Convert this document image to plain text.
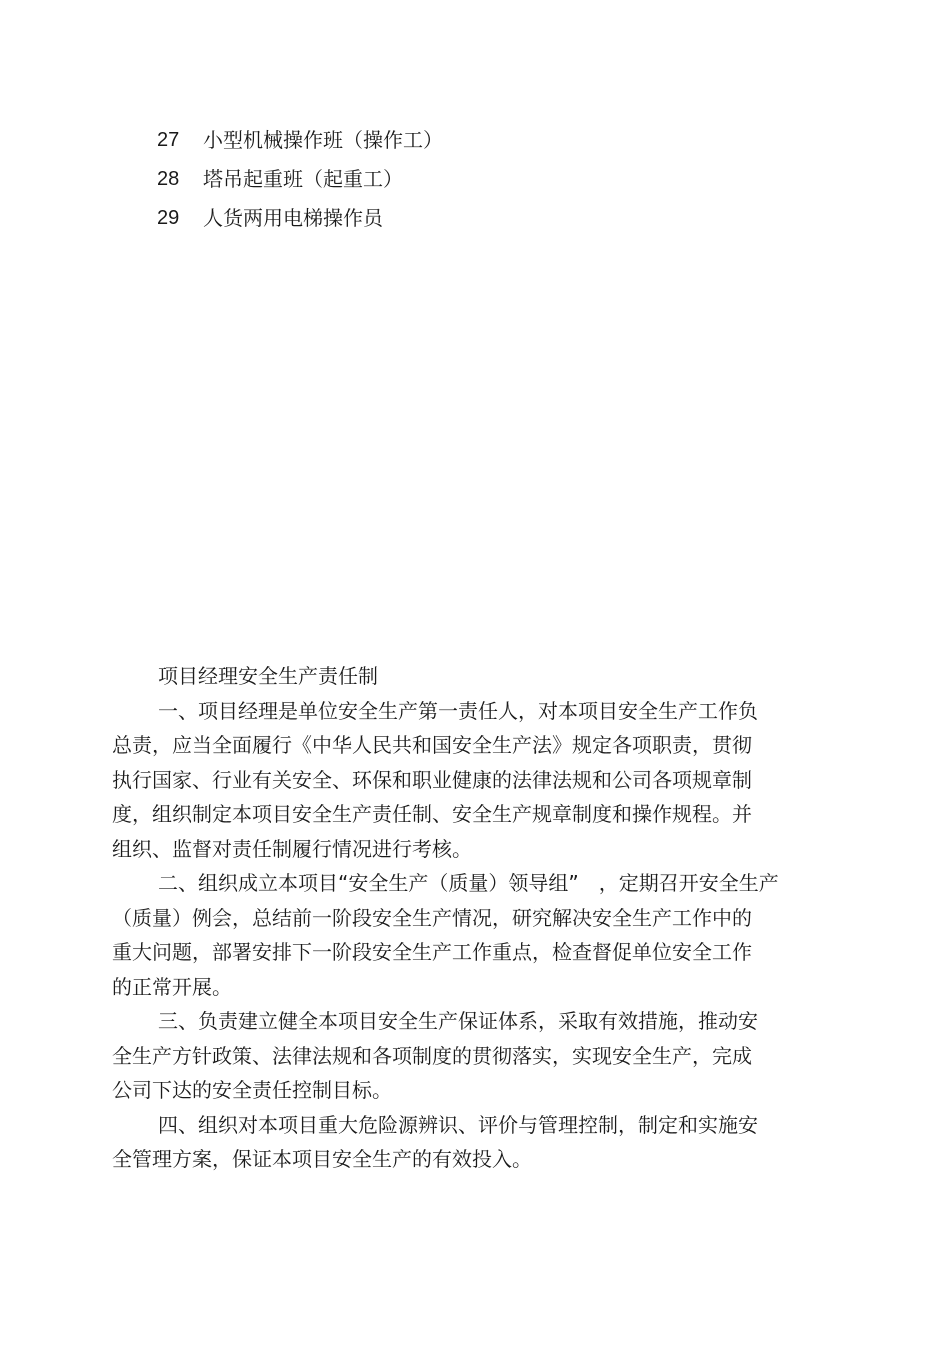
27	小型机械操作班（操作工）
28	塔吊起重班（起重工）
29	人货两用电梯操作员
项目经理安全生产责任制
一、项目经理是单位安全生产第一责任人，对本项目安全生产工作负
总责，应当全面履行《中华人民共和国安全生产法》规定各项职责，贯彻
执行国家、行业有关安全、环保和职业健康的法律法规和公司各项规章制
度，组织制定本项目安全生产责任制、安全生产规章制度和操作规程。并
组织、监督对责任制履行情况进行考核。
二、组织成立本项目“安全生产（质量）领导组”　，定期召开安全生产
（质量）例会，总结前一阶段安全生产情况，研究解决安全生产工作中的
重大问题，部署安排下一阶段安全生产工作重点，检查督促单位安全工作
的正常开展。
三、负责建立健全本项目安全生产保证体系，采取有效措施，推动安
全生产方针政策、法律法规和各项制度的贯彻落实，实现安全生产，完成
公司下达的安全责任控制目标。
四、组织对本项目重大危险源辨识、评价与管理控制，制定和实施安
全管理方案，保证本项目安全生产的有效投入。
